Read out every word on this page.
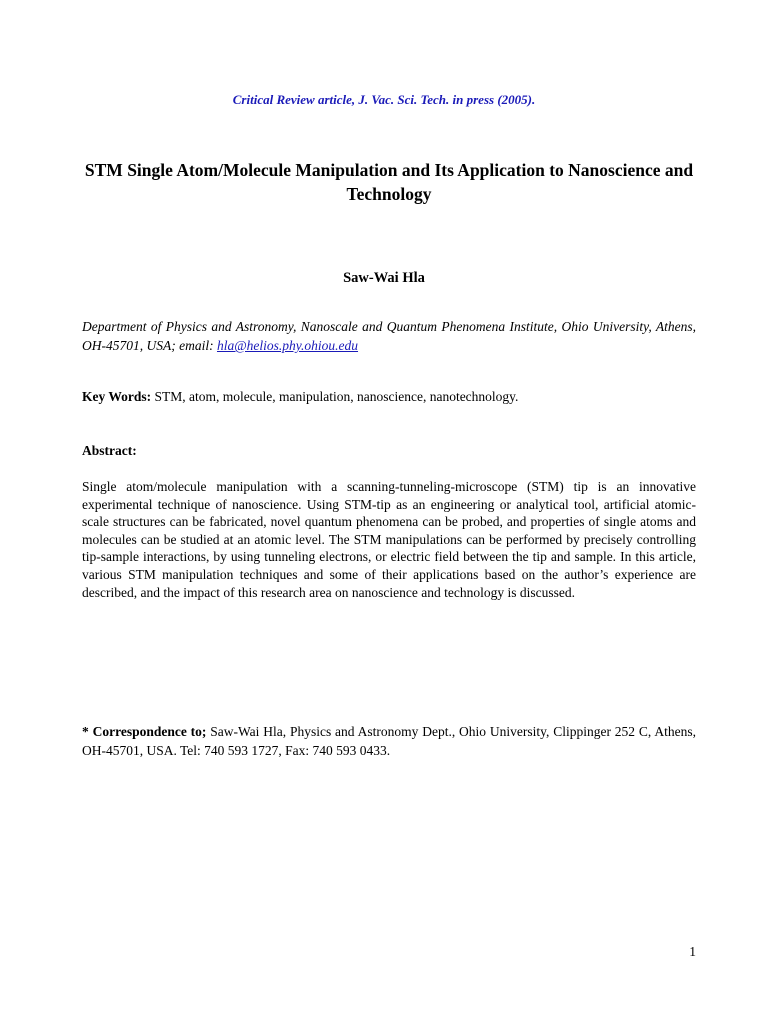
Critical Review article, J. Vac. Sci. Tech. in press (2005).
STM Single Atom/Molecule Manipulation and Its Application to Nanoscience and Technology
Saw-Wai Hla
Department of Physics and Astronomy, Nanoscale and Quantum Phenomena Institute, Ohio University, Athens, OH-45701, USA; email: hla@helios.phy.ohiou.edu
Key Words: STM, atom, molecule, manipulation, nanoscience, nanotechnology.
Abstract:
Single atom/molecule manipulation with a scanning-tunneling-microscope (STM) tip is an innovative experimental technique of nanoscience. Using STM-tip as an engineering or analytical tool, artificial atomic-scale structures can be fabricated, novel quantum phenomena can be probed, and properties of single atoms and molecules can be studied at an atomic level. The STM manipulations can be performed by precisely controlling tip-sample interactions, by using tunneling electrons, or electric field between the tip and sample. In this article, various STM manipulation techniques and some of their applications based on the author’s experience are described, and the impact of this research area on nanoscience and technology is discussed.
* Correspondence to; Saw-Wai Hla, Physics and Astronomy Dept., Ohio University, Clippinger 252 C, Athens, OH-45701, USA. Tel: 740 593 1727, Fax: 740 593 0433.
1
